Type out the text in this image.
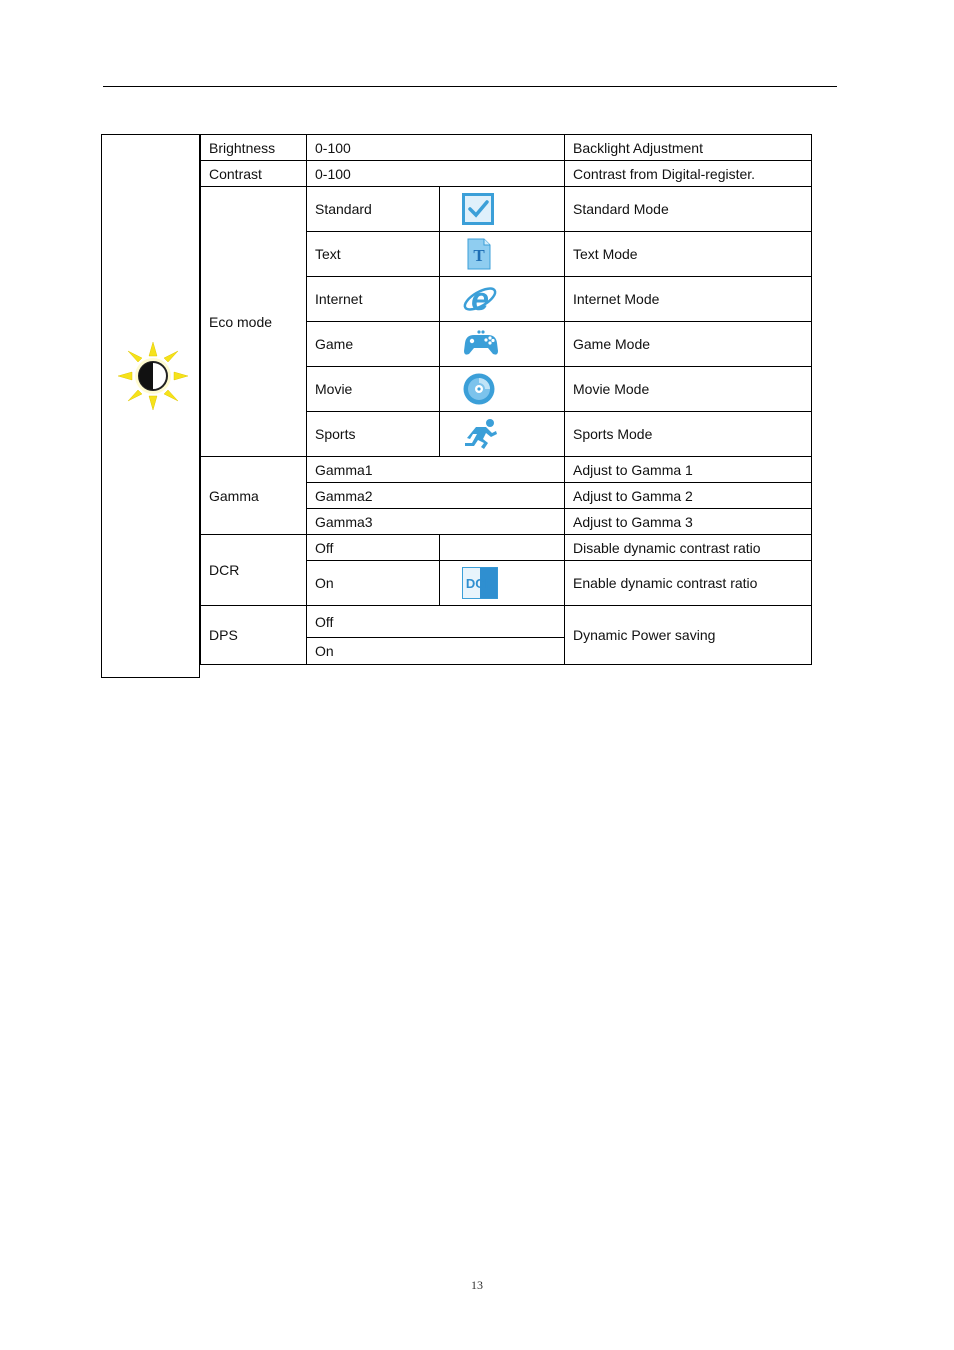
Brightness	0-100		Backlight Adjustment
Contrast	0-100		Contrast from Digital-register.
Eco mode	Standard		Standard Mode
	Text	T	Text Mode
	Internet	e	Internet Mode
	Game		Game Mode
	Movie		Movie Mode
	Sports		Sports Mode
Gamma	Gamma1		Adjust to Gamma 1
	Gamma2		Adjust to Gamma 2
	Gamma3		Adjust to Gamma 3
DCR	Off		Disable dynamic contrast ratio
	On	DCR	Enable dynamic contrast ratio
DPS	Off		Dynamic Power saving
	On		
13
